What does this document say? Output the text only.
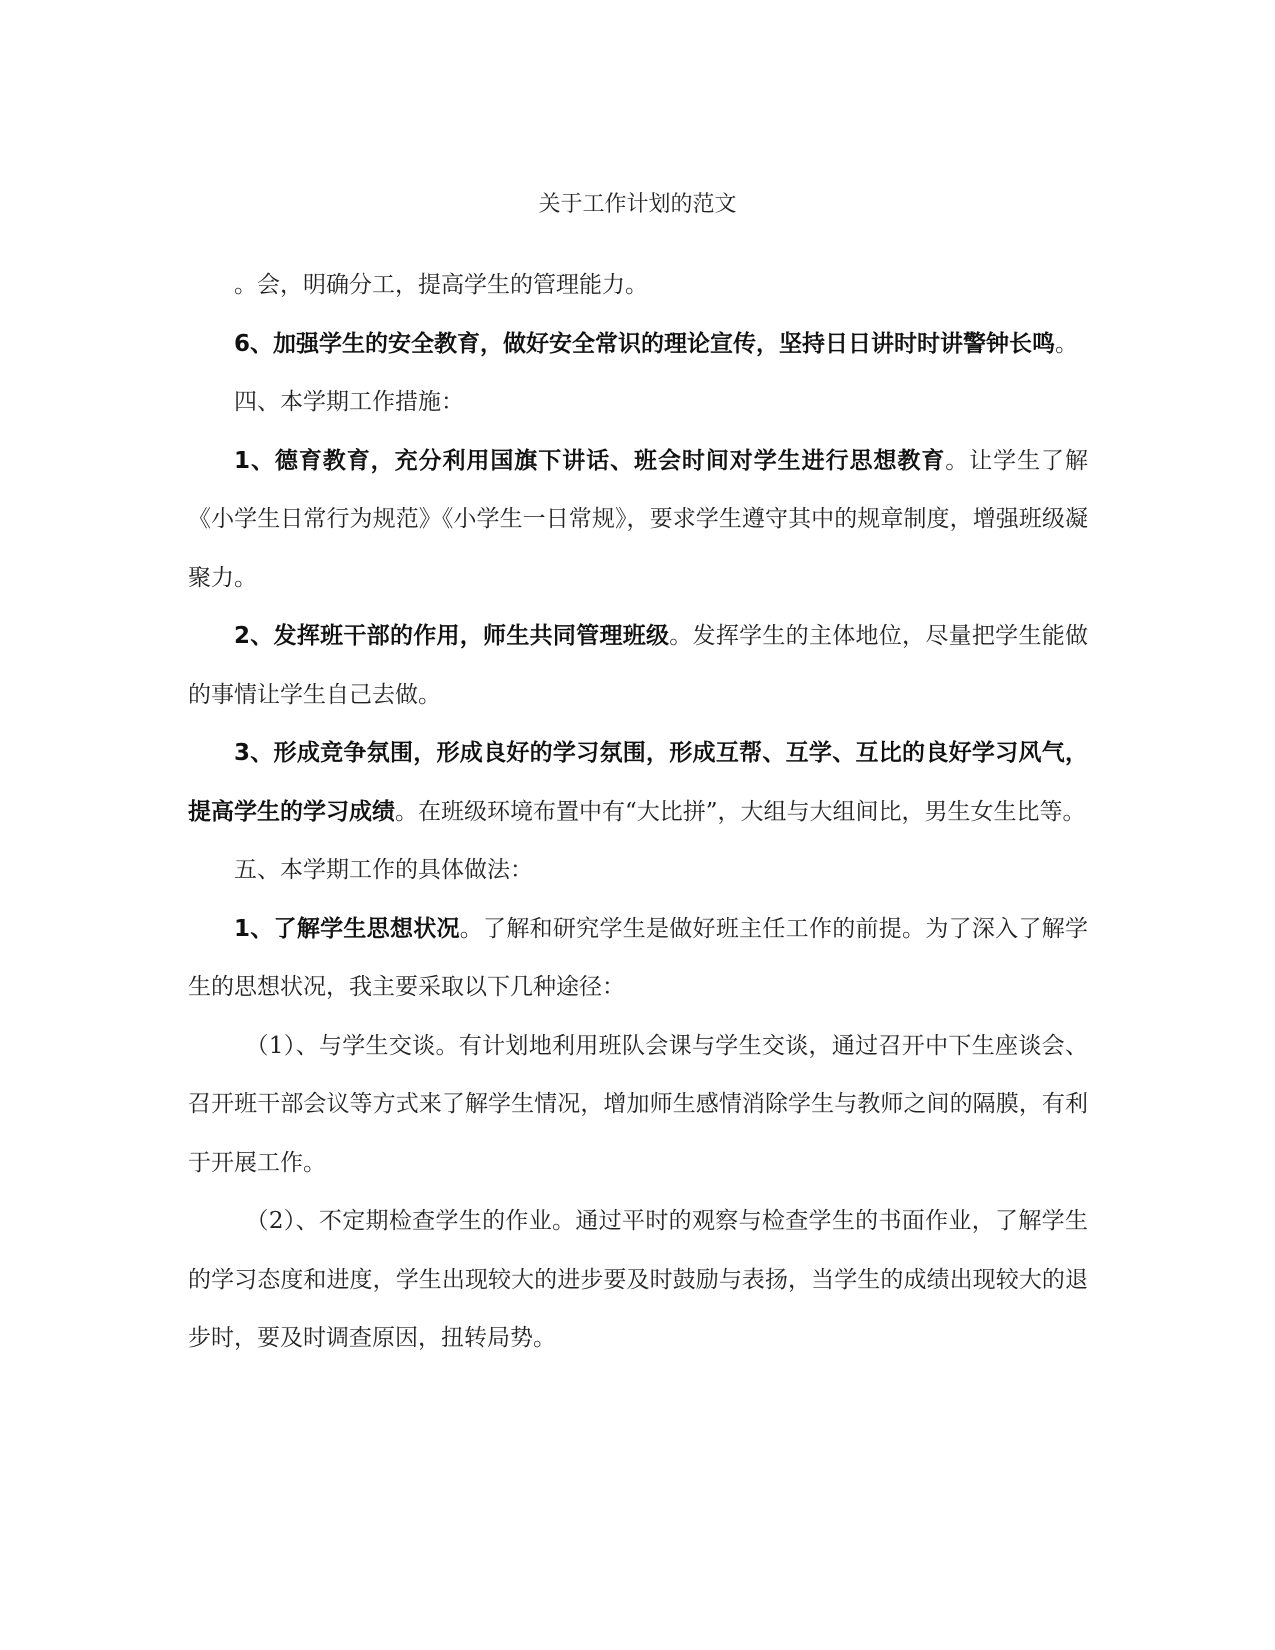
关于工作计划的范文

。会，明确分工，提高学生的管理能力。

6、加强学生的安全教育，做好安全常识的理论宣传，坚持日日讲时时讲警钟长鸣。

四、本学期工作措施：

1、德育教育，充分利用国旗下讲话、班会时间对学生进行思想教育。让学生了解《小学生日常行为规范》《小学生一日常规》，要求学生遵守其中的规章制度，增强班级凝聚力。

2、发挥班干部的作用，师生共同管理班级。发挥学生的主体地位，尽量把学生能做的事情让学生自己去做。

3、形成竞争氛围，形成良好的学习氛围，形成互帮、互学、互比的良好学习风气，提高学生的学习成绩。在班级环境布置中有“大比拼”，大组与大组间比，男生女生比等。

五、本学期工作的具体做法：

1、了解学生思想状况。了解和研究学生是做好班主任工作的前提。为了深入了解学生的思想状况，我主要采取以下几种途径：

（1）、与学生交谈。有计划地利用班队会课与学生交谈，通过召开中下生座谈会、召开班干部会议等方式来了解学生情况，增加师生感情消除学生与教师之间的隔膜，有利于开展工作。

（2）、不定期检查学生的作业。通过平时的观察与检查学生的书面作业，了解学生的学习态度和进度，学生出现较大的进步要及时鼓励与表扬，当学生的成绩出现较大的退步时，要及时调查原因，扭转局势。
